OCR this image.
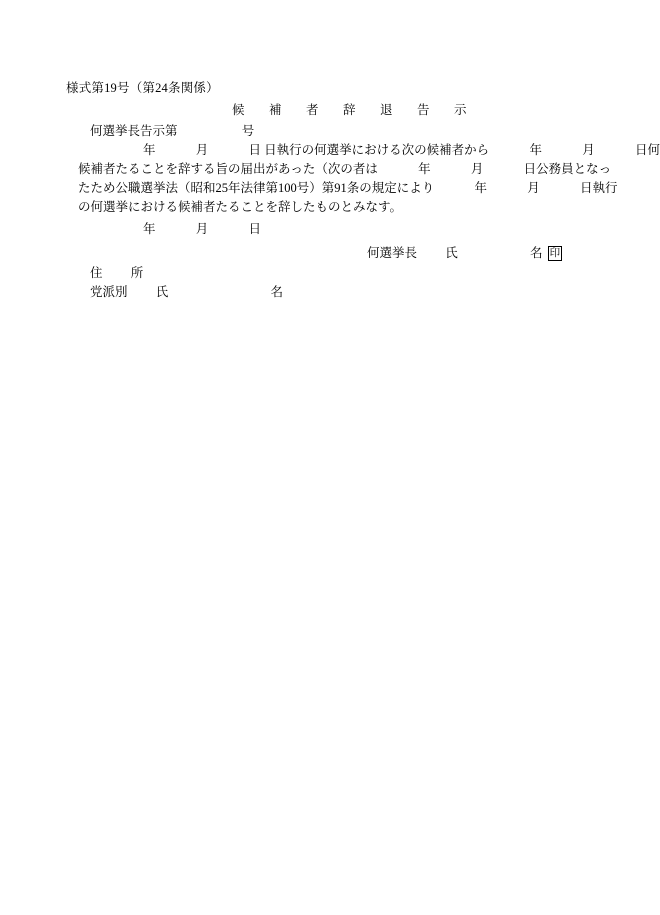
様式第19号（第24条関係）
候　補　者　辞　退　告　示
何選挙長告示第	号
年	月	日 日執行の何選挙における次の候補者から	年	月	日何
候補者たることを辞する旨の届出があった（次の者は	年	月	日公務員となっ
たため公職選挙法（昭和25年法律第100号）第91条の規定により	年	月	日執行
の何選挙における候補者たることを辞したものとみなす。
年	月	日
何選挙長 氏	名 印
住 所
党派別 氏	名
